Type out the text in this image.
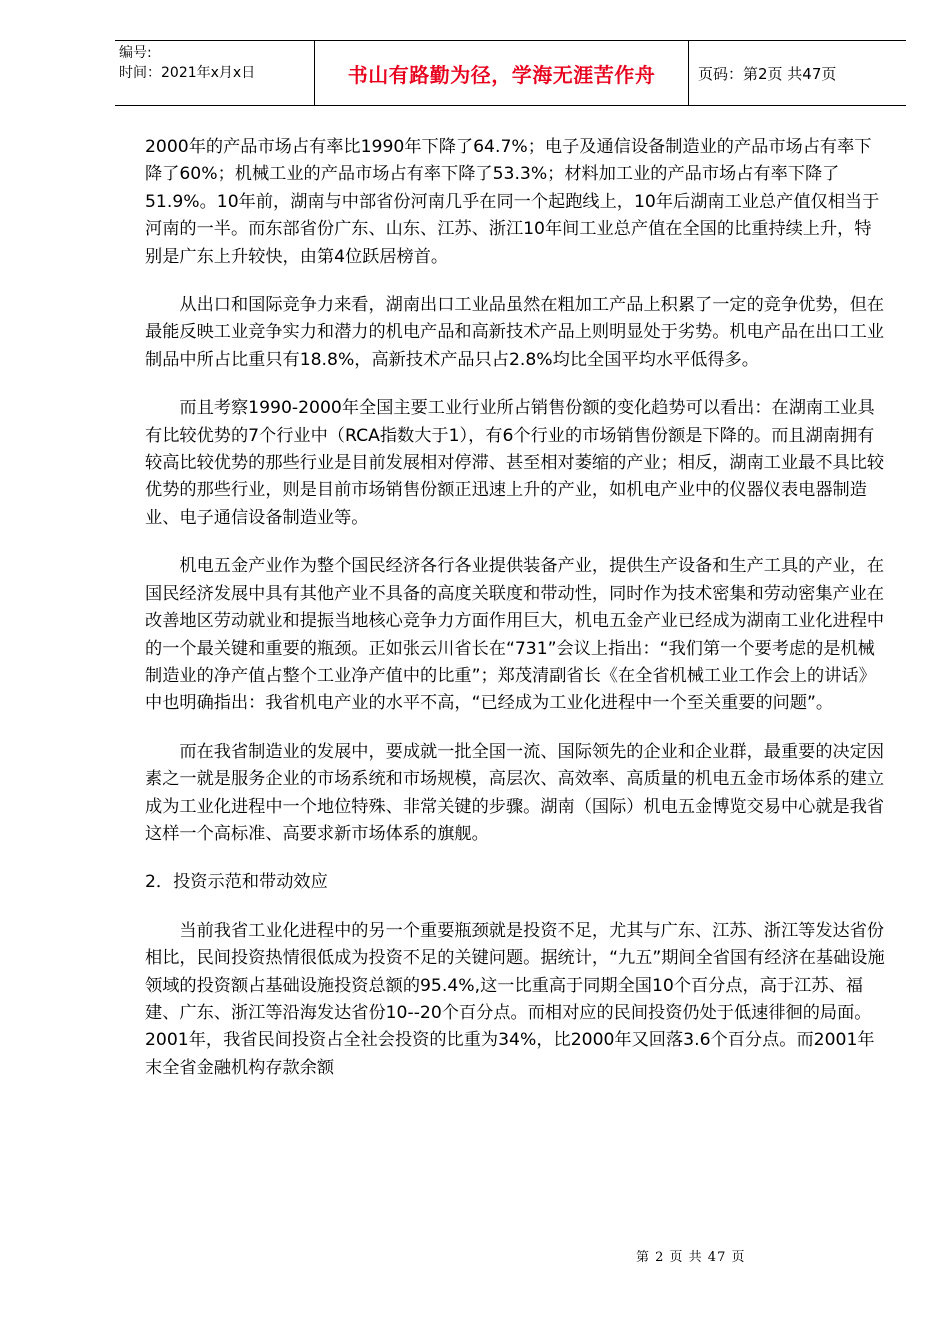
编号:
时间：2021年x月x日	书山有路勤为径，学海无涯苦作舟	页码：第2页 共47页

2000年的产品市场占有率比1990年下降了64.7%；电子及通信设备制造业的产品市场占有率下降了60%；机械工业的产品市场占有率下降了53.3%；材料加工业的产品市场占有率下降了51.9%。10年前，湖南与中部省份河南几乎在同一个起跑线上，10年后湖南工业总产值仅相当于河南的一半。而东部省份广东、山东、江苏、浙江10年间工业总产值在全国的比重持续上升，特别是广东上升较快，由第4位跃居榜首。

从出口和国际竞争力来看，湖南出口工业品虽然在粗加工产品上积累了一定的竞争优势，但在最能反映工业竞争实力和潜力的机电产品和高新技术产品上则明显处于劣势。机电产品在出口工业制品中所占比重只有18.8%，高新技术产品只占2.8%均比全国平均水平低得多。

而且考察1990-2000年全国主要工业行业所占销售份额的变化趋势可以看出：在湖南工业具有比较优势的7个行业中（RCA指数大于1），有6个行业的市场销售份额是下降的。而且湖南拥有较高比较优势的那些行业是目前发展相对停滞、甚至相对萎缩的产业；相反，湖南工业最不具比较优势的那些行业，则是目前市场销售份额正迅速上升的产业，如机电产业中的仪器仪表电器制造业、电子通信设备制造业等。

机电五金产业作为整个国民经济各行各业提供装备产业，提供生产设备和生产工具的产业，在国民经济发展中具有其他产业不具备的高度关联度和带动性，同时作为技术密集和劳动密集产业在改善地区劳动就业和提振当地核心竞争力方面作用巨大，机电五金产业已经成为湖南工业化进程中的一个最关键和重要的瓶颈。正如张云川省长在“731”会议上指出：“我们第一个要考虑的是机械制造业的净产值占整个工业净产值中的比重”；郑茂清副省长《在全省机械工业工作会上的讲话》中也明确指出：我省机电产业的水平不高，“已经成为工业化进程中一个至关重要的问题”。

而在我省制造业的发展中，要成就一批全国一流、国际领先的企业和企业群，最重要的决定因素之一就是服务企业的市场系统和市场规模，高层次、高效率、高质量的机电五金市场体系的建立成为工业化进程中一个地位特殊、非常关键的步骤。湖南（国际）机电五金博览交易中心就是我省这样一个高标准、高要求新市场体系的旗舰。

2．投资示范和带动效应

当前我省工业化进程中的另一个重要瓶颈就是投资不足，尤其与广东、江苏、浙江等发达省份相比，民间投资热情很低成为投资不足的关键问题。据统计，“九五”期间全省国有经济在基础设施领域的投资额占基础设施投资总额的95.4%,这一比重高于同期全国10个百分点，高于江苏、福建、广东、浙江等沿海发达省份10--20个百分点。而相对应的民间投资仍处于低速徘徊的局面。2001年，我省民间投资占全社会投资的比重为34%，比2000年又回落3.6个百分点。而2001年末全省金融机构存款余额

第 2 页 共 47 页
